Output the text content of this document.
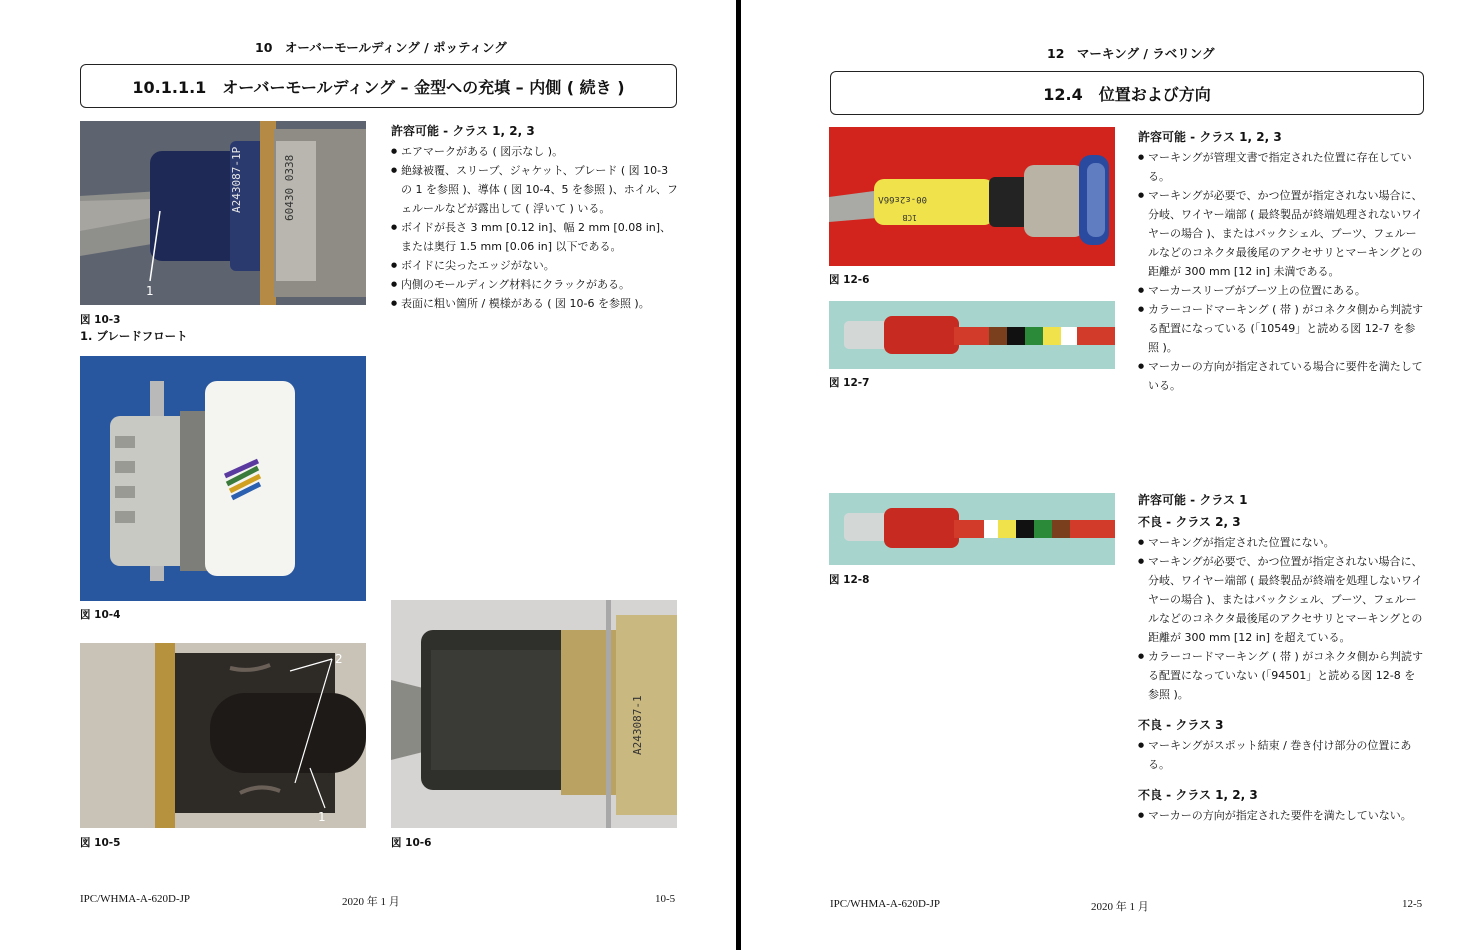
10　オーバーモールディング / ポッティング
10.1.1.1　オーバーモールディング – 金型への充填 – 内側 ( 続き )
A243087-1P	60430 0338
1
図 10-3
1. ブレードフロート
図 10-4
2
1
図 10-5
A243087-1
図 10-6
許容可能 - クラス 1, 2, 3
● エアマークがある ( 図示なし )。
● 絶縁被覆、スリーブ、ジャケット、ブレード ( 図 10-3 の 1 を参照 )、導体 ( 図 10-4、5 を参照 )、ホイル、フェルールなどが露出して ( 浮いて ) いる。
● ボイドが長さ 3 mm [0.12 in]、幅 2 mm [0.08 in]、または奥行 1.5 mm [0.06 in] 以下である。
● ボイドに尖ったエッジがない。
● 内側のモールディング材料にクラックがある。
● 表面に粗い箇所 / 模様がある ( 図 10-6 を参照 )。
IPC/WHMA-A-620D-JP	2020 年 1 月	10-5
12　マーキング / ラベリング
12.4　位置および方向
00-ε2ε66Λ
1CB
図 12-6
図 12-7
図 12-8
許容可能 - クラス 1, 2, 3
● マーキングが管理文書で指定された位置に存在している。
● マーキングが必要で、かつ位置が指定されない場合に、分岐、ワイヤー端部 ( 最終製品が終端処理されないワイヤーの場合 )、またはバックシェル、ブーツ、フェルールなどのコネクタ最後尾のアクセサリとマーキングとの距離が 300 mm [12 in] 未満である。
● マーカースリーブがブーツ上の位置にある。
● カラーコードマーキング ( 帯 ) がコネクタ側から判読する配置になっている (「10549」と読める図 12-7 を参照 )。
● マーカーの方向が指定されている場合に要件を満たしている。
許容可能 - クラス 1
不良 - クラス 2, 3
● マーキングが指定された位置にない。
● マーキングが必要で、かつ位置が指定されない場合に、分岐、ワイヤー端部 ( 最終製品が終端を処理しないワイヤーの場合 )、またはバックシェル、ブーツ、フェルールなどのコネクタ最後尾のアクセサリとマーキングとの距離が 300 mm [12 in] を超えている。
● カラーコードマーキング ( 帯 ) がコネクタ側から判読する配置になっていない (「94501」と読める図 12-8 を参照 )。
不良 - クラス 3
● マーキングがスポット結束 / 巻き付け部分の位置にある。
不良 - クラス 1, 2, 3
● マーカーの方向が指定された要件を満たしていない。
IPC/WHMA-A-620D-JP	2020 年 1 月	12-5
